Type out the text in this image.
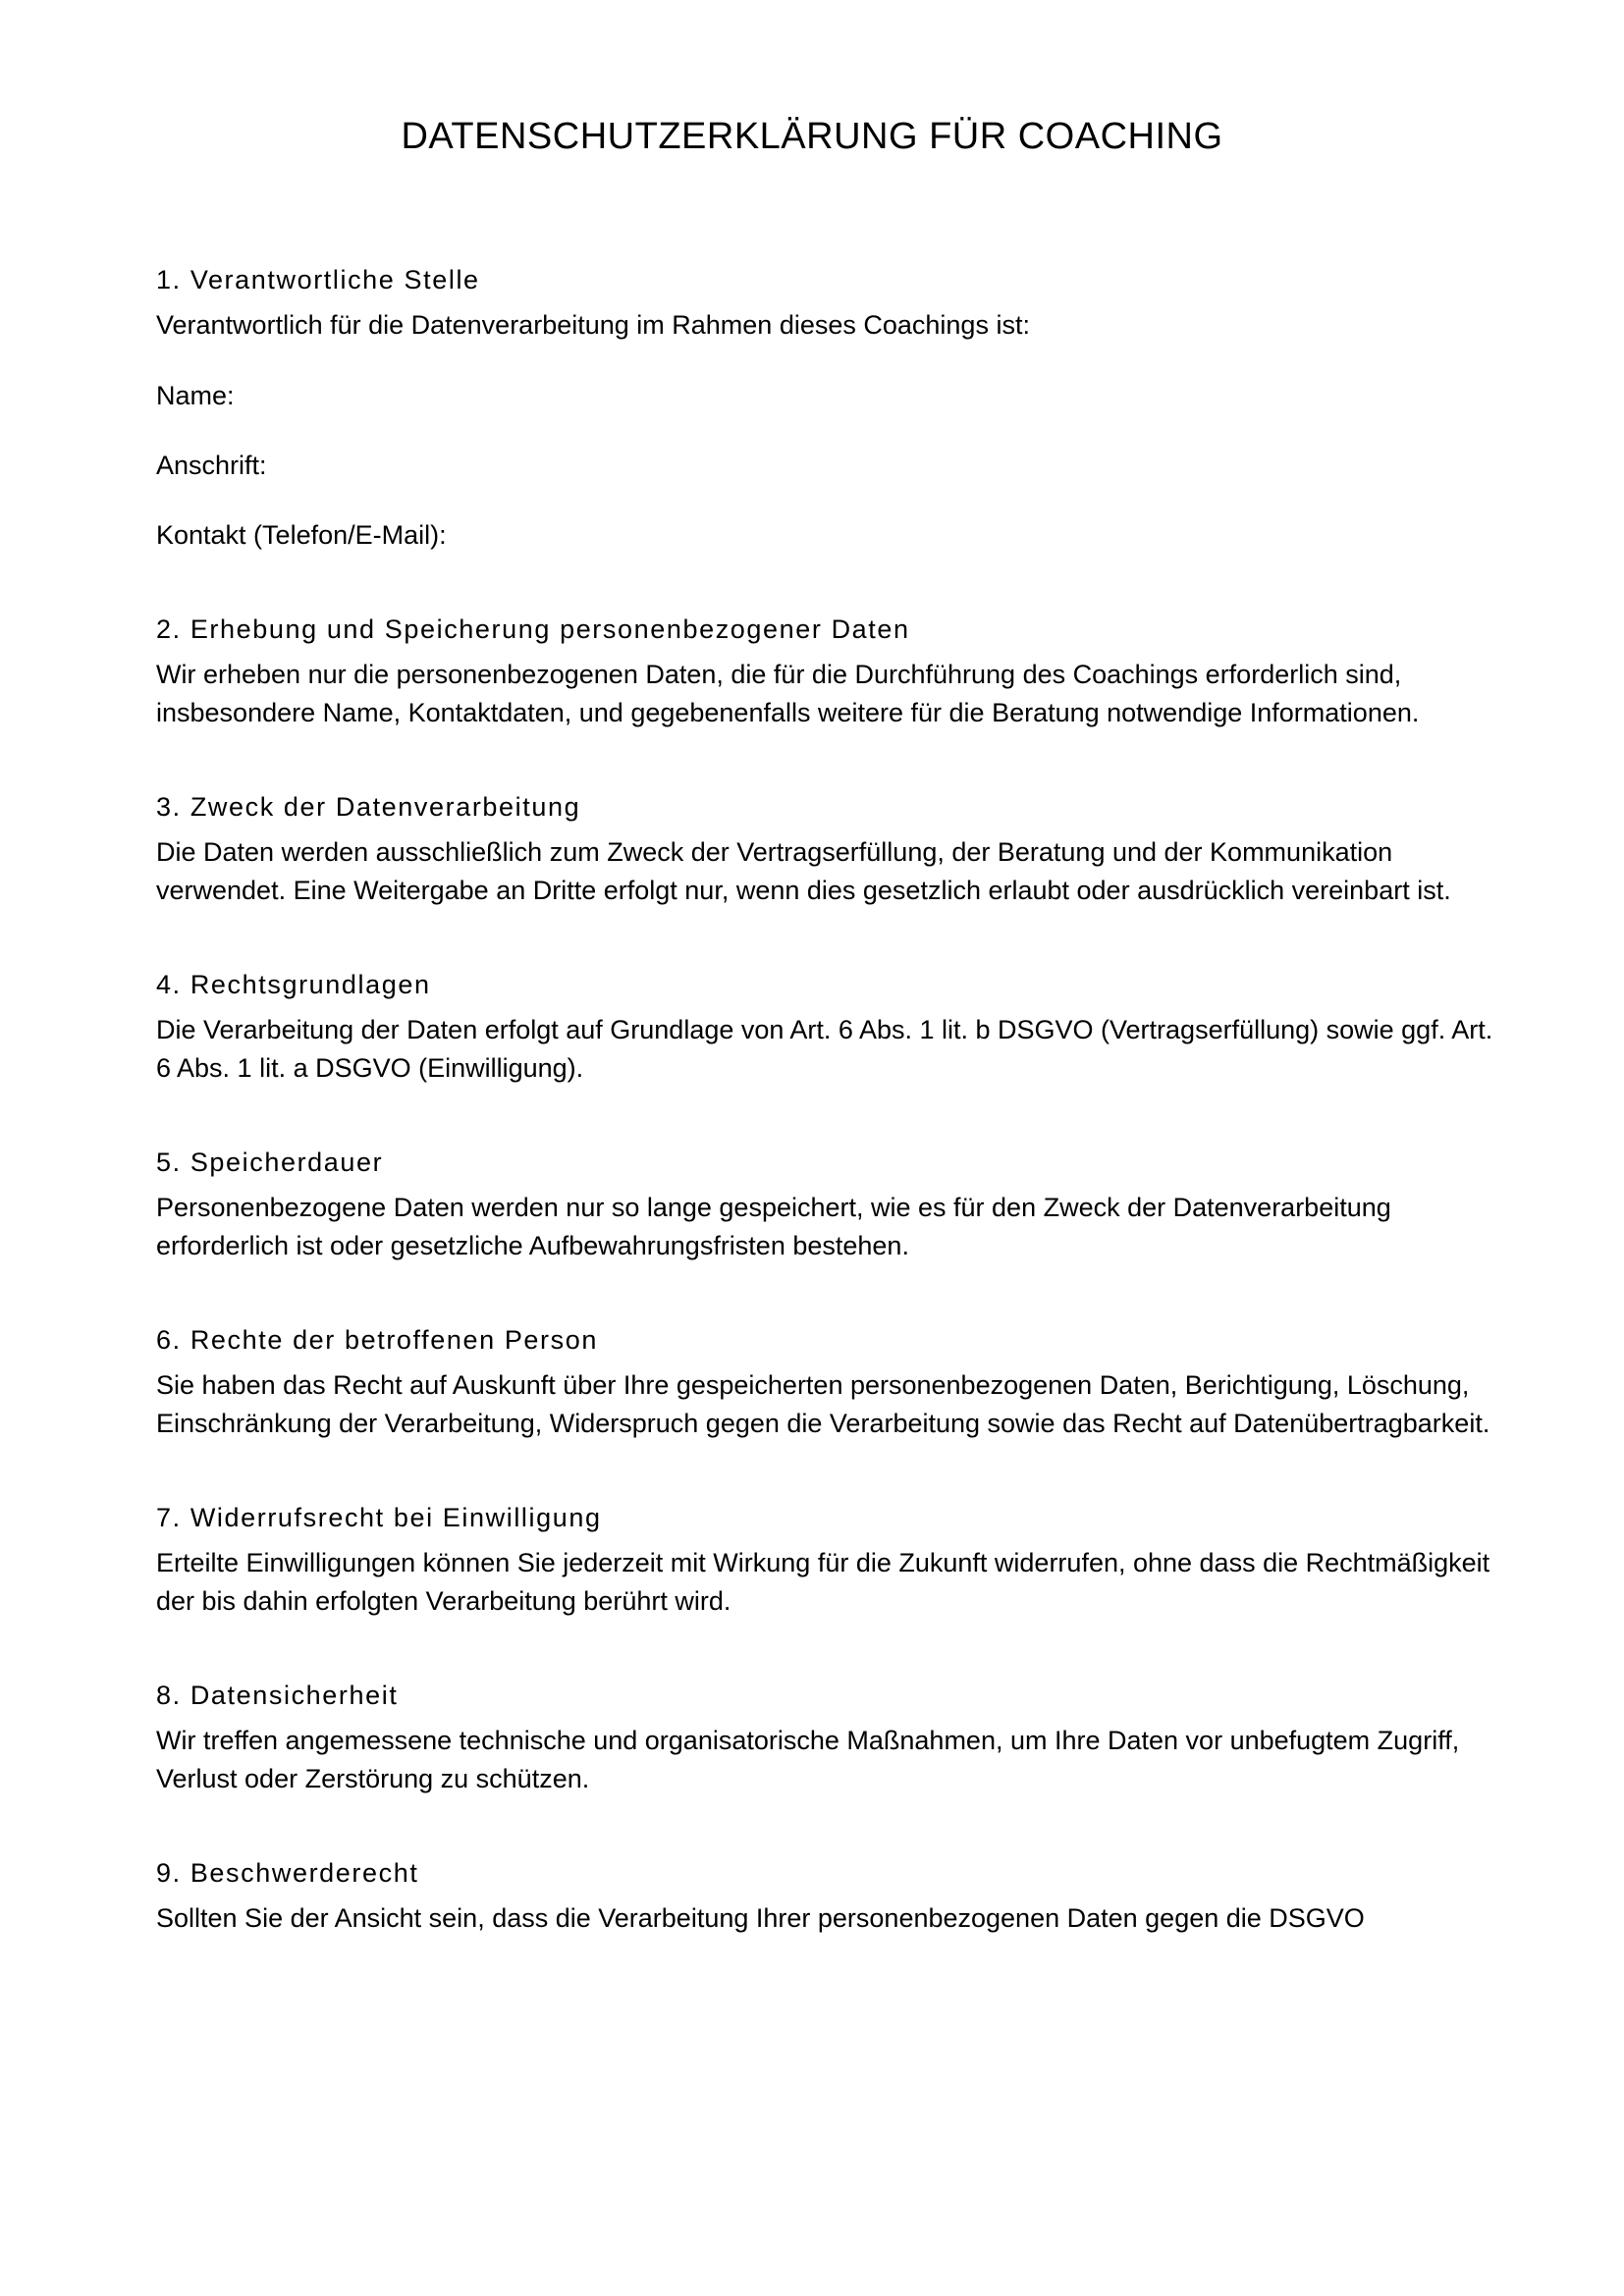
DATENSCHUTZERKLÄRUNG FÜR COACHING

1. Verantwortliche Stelle

Verantwortlich für die Datenverarbeitung im Rahmen dieses Coachings ist:

Name:

Anschrift:

Kontakt (Telefon/E-Mail):

2. Erhebung und Speicherung personenbezogener Daten

Wir erheben nur die personenbezogenen Daten, die für die Durchführung des Coachings erforderlich sind, insbesondere Name, Kontaktdaten, und gegebenenfalls weitere für die Beratung notwendige Informationen.

3. Zweck der Datenverarbeitung

Die Daten werden ausschließlich zum Zweck der Vertragserfüllung, der Beratung und der Kommunikation verwendet. Eine Weitergabe an Dritte erfolgt nur, wenn dies gesetzlich erlaubt oder ausdrücklich vereinbart ist.

4. Rechtsgrundlagen

Die Verarbeitung der Daten erfolgt auf Grundlage von Art. 6 Abs. 1 lit. b DSGVO (Vertragserfüllung) sowie ggf. Art. 6 Abs. 1 lit. a DSGVO (Einwilligung).

5. Speicherdauer

Personenbezogene Daten werden nur so lange gespeichert, wie es für den Zweck der Datenverarbeitung erforderlich ist oder gesetzliche Aufbewahrungsfristen bestehen.

6. Rechte der betroffenen Person

Sie haben das Recht auf Auskunft über Ihre gespeicherten personenbezogenen Daten, Berichtigung, Löschung, Einschränkung der Verarbeitung, Widerspruch gegen die Verarbeitung sowie das Recht auf Datenübertragbarkeit.

7. Widerrufsrecht bei Einwilligung

Erteilte Einwilligungen können Sie jederzeit mit Wirkung für die Zukunft widerrufen, ohne dass die Rechtmäßigkeit der bis dahin erfolgten Verarbeitung berührt wird.

8. Datensicherheit

Wir treffen angemessene technische und organisatorische Maßnahmen, um Ihre Daten vor unbefugtem Zugriff, Verlust oder Zerstörung zu schützen.

9. Beschwerderecht

Sollten Sie der Ansicht sein, dass die Verarbeitung Ihrer personenbezogenen Daten gegen die DSGVO
